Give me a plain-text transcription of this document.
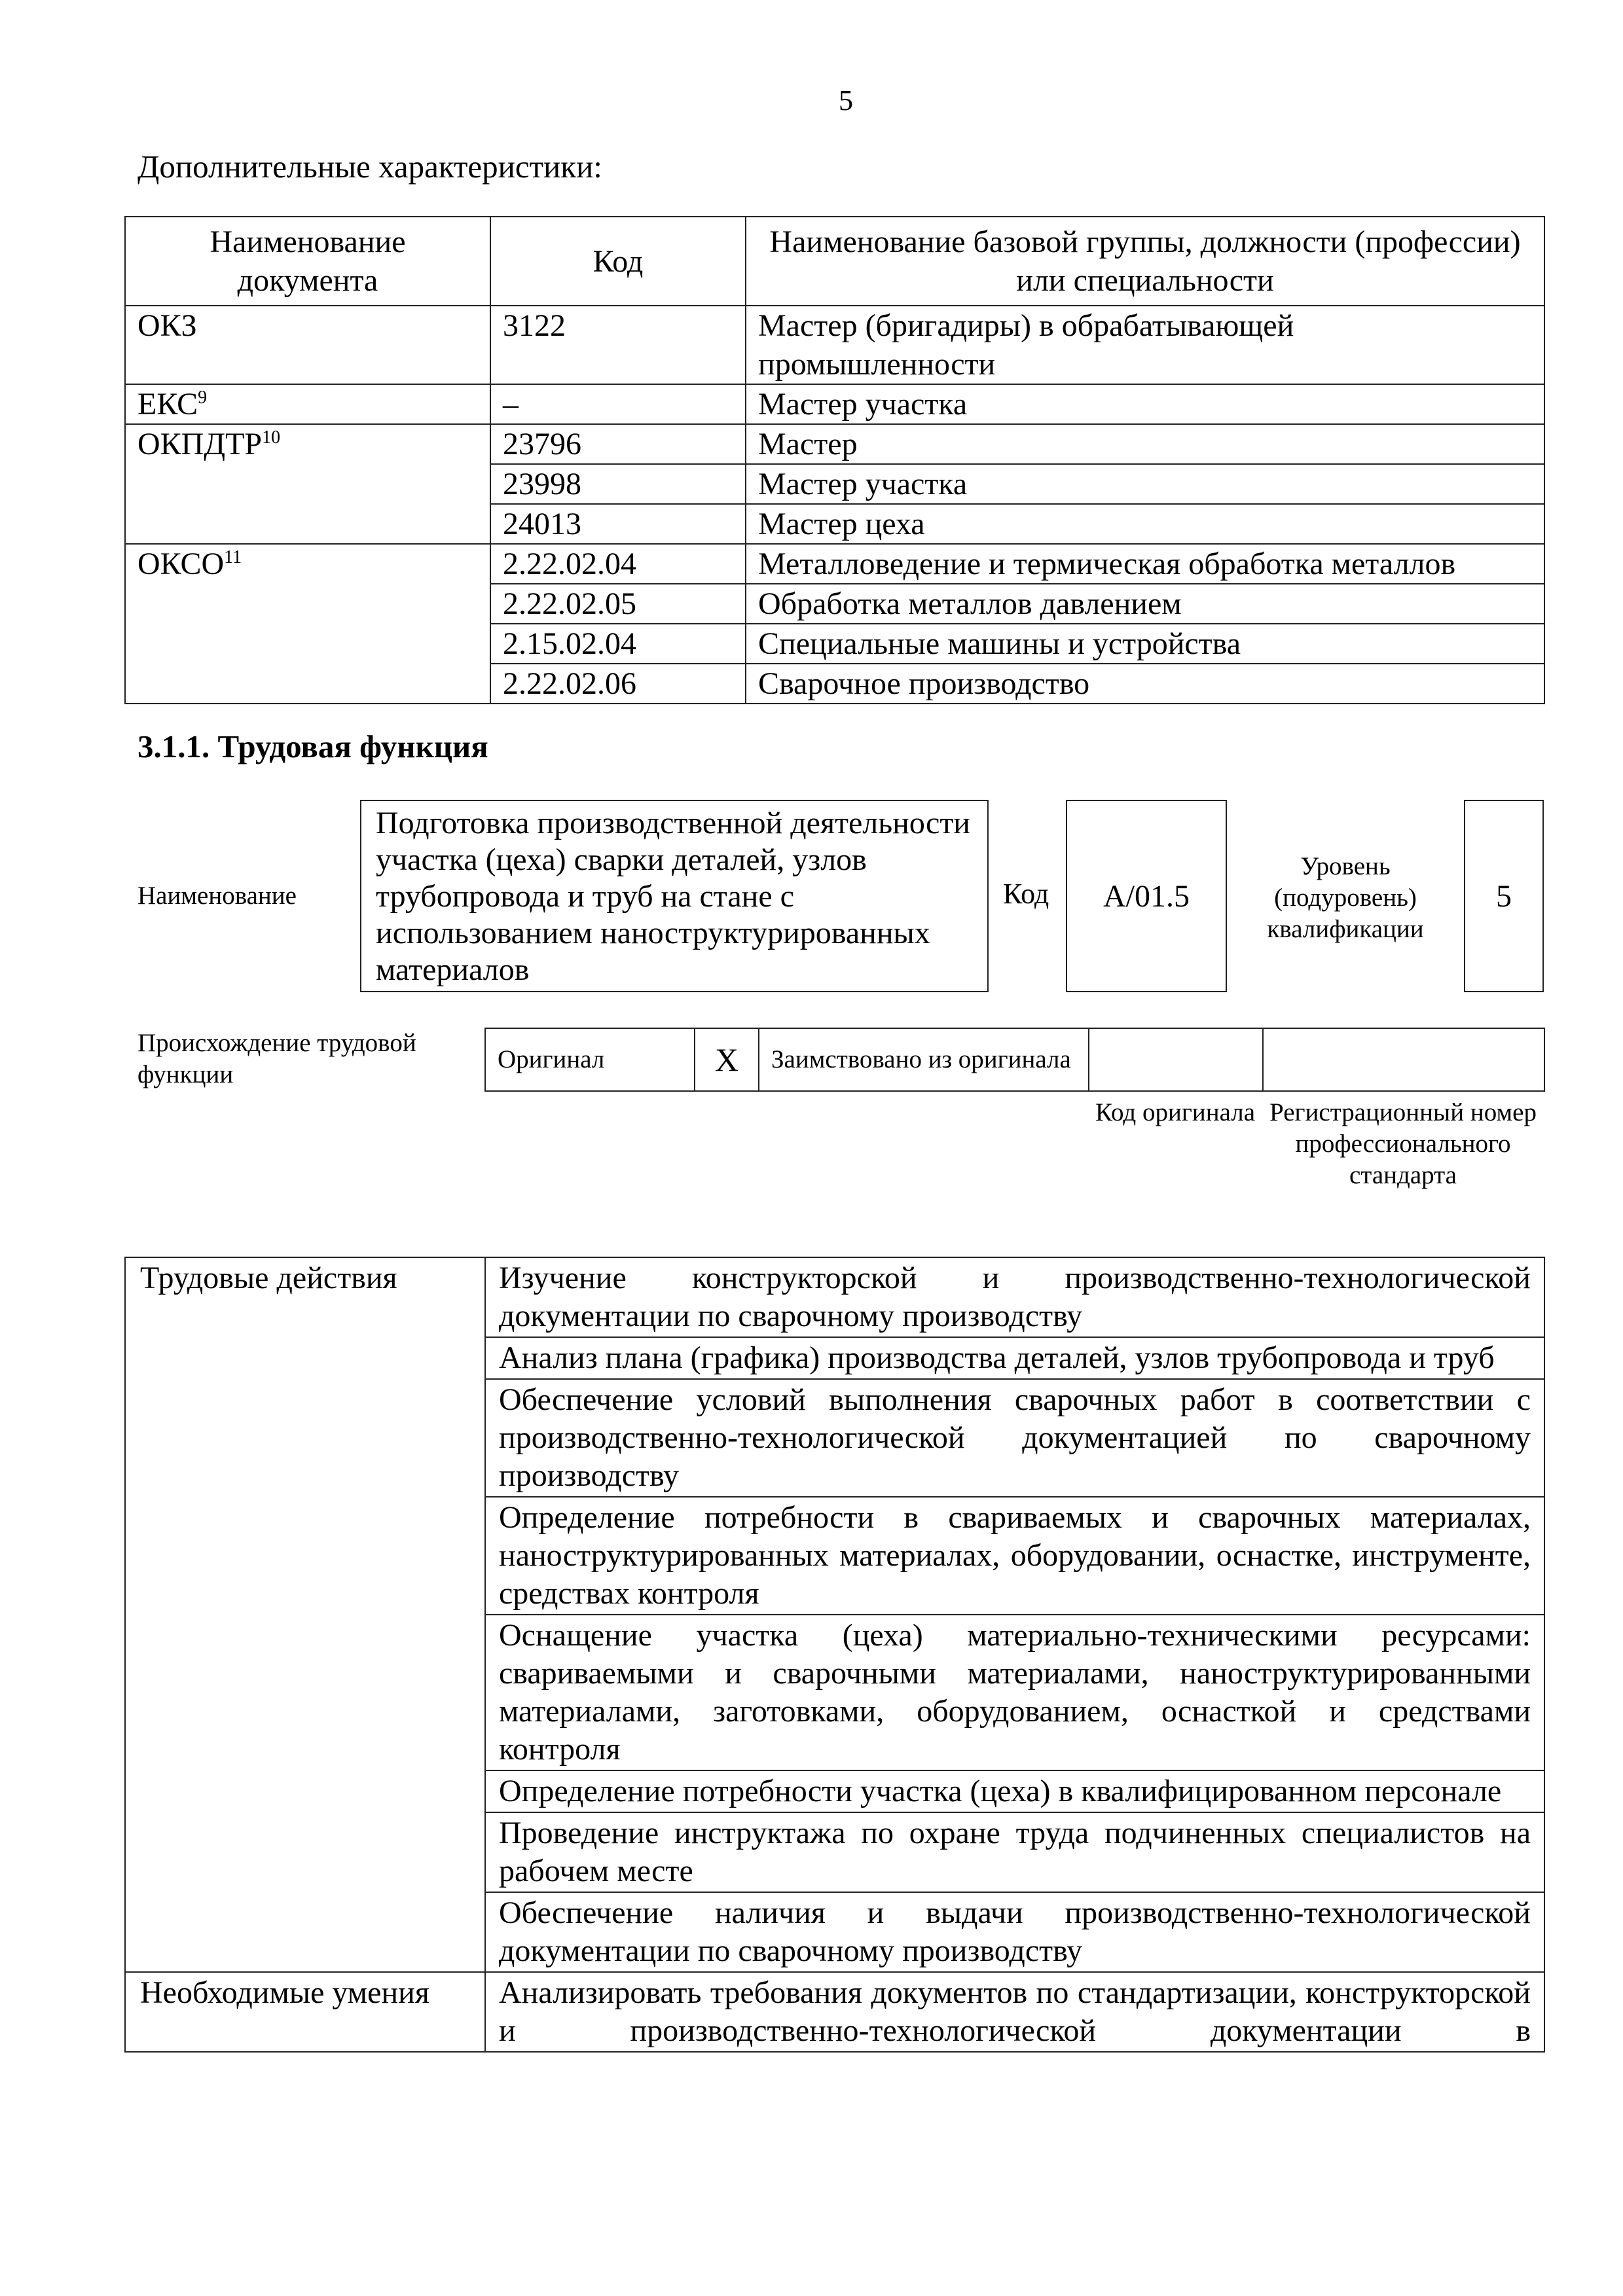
5
Дополнительные характеристики:
Наименование документа	Код	Наименование базовой группы, должности (профессии) или специальности
ОКЗ	3122	Мастер (бригадиры) в обрабатывающей промышленности
ЕКС$^9$	–	Мастер участка
ОКПДТР$^{10}$	23796	Мастер
	23998	Мастер участка
	24013	Мастер цеха
ОКСО$^{11}$	2.22.02.04	Металловедение и термическая обработка металлов
	2.22.02.05	Обработка металлов давлением
	2.15.02.04	Специальные машины и устройства
	2.22.02.06	Сварочное производство
3.1.1. Трудовая функция
Наименование
Подготовка производственной деятельности участка (цеха) сварки деталей, узлов трубопровода и труб на стане с использованием наноструктурированных материалов
Код	A/01.5
Уровень (подуровень) квалификации
5
Происхождение трудовой функции
Оригинал	X	Заимствовано из оригинала		
Код оригинала Регистрационный номер профессионального стандарта
Трудовые действия	Изучение конструкторской и производственно-технологической документации по сварочному производству
	Анализ плана (графика) производства деталей, узлов трубопровода и труб
	Обеспечение условий выполнения сварочных работ в соответствии с производственно-технологической документацией по сварочному производству
	Определение потребности в свариваемых и сварочных материалах, наноструктурированных материалах, оборудовании, оснастке, инструменте, средствах контроля
	Оснащение участка (цеха) материально-техническими ресурсами: свариваемыми и сварочными материалами, наноструктурированными материалами, заготовками, оборудованием, оснасткой и средствами контроля
	Определение потребности участка (цеха) в квалифицированном персонале
	Проведение инструктажа по охране труда подчиненных специалистов на рабочем месте
	Обеспечение наличия и выдачи производственно-технологической документации по сварочному производству
Необходимые умения	Анализировать требования документов по стандартизации, конструкторской и производственно-технологической документации в
